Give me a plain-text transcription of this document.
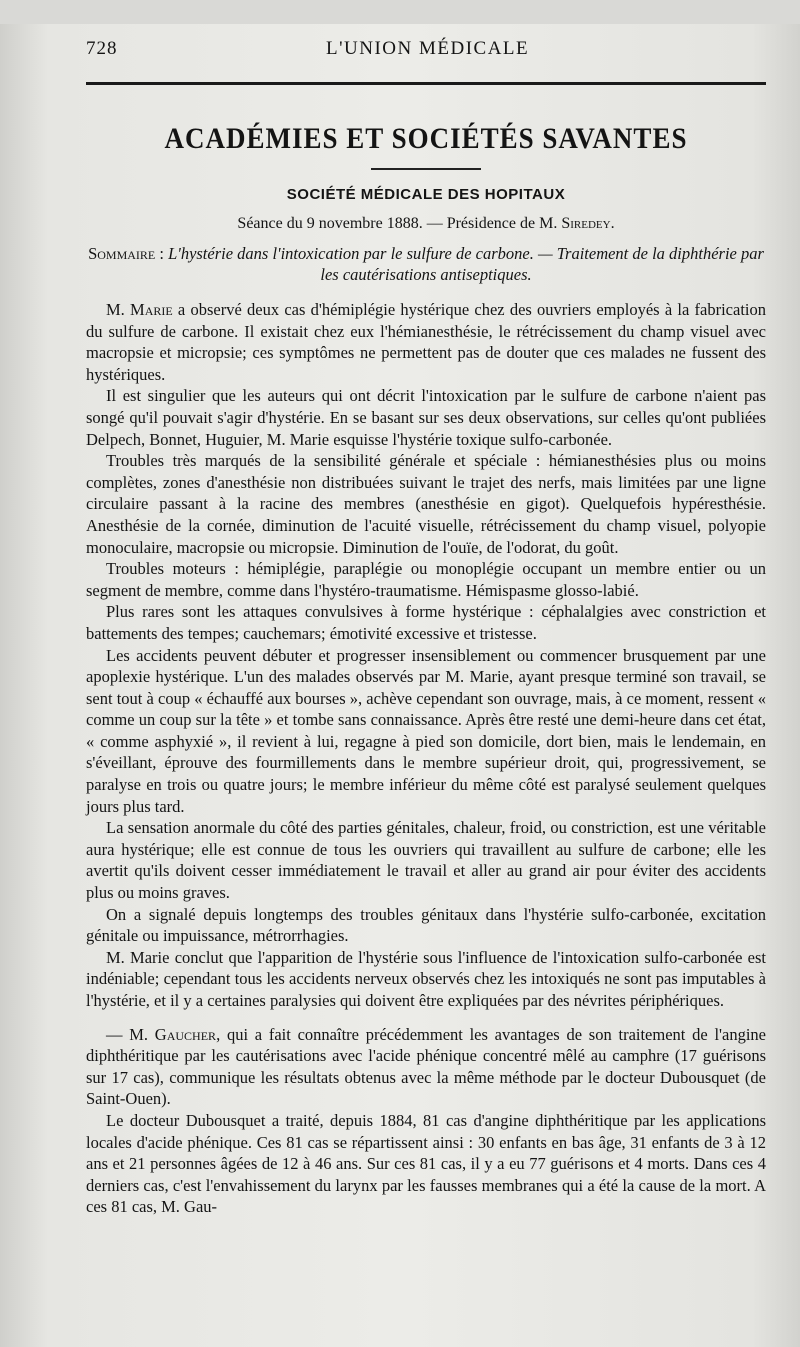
728	L'UNION MÉDICALE
ACADÉMIES ET SOCIÉTÉS SAVANTES
SOCIÉTÉ MÉDICALE DES HOPITAUX
Séance du 9 novembre 1888. — Présidence de M. Siredey.
Sommaire : L'hystérie dans l'intoxication par le sulfure de carbone. — Traitement de la diphthérie par les cautérisations antiseptiques.

M. Marie a observé deux cas d'hémiplégie hystérique chez des ouvriers employés à la fabrication du sulfure de carbone. Il existait chez eux l'hémianesthésie, le rétrécissement du champ visuel avec macropsie et micropsie; ces symptômes ne permettent pas de douter que ces malades ne fussent des hystériques.

Il est singulier que les auteurs qui ont décrit l'intoxication par le sulfure de carbone n'aient pas songé qu'il pouvait s'agir d'hystérie. En se basant sur ses deux observations, sur celles qu'ont publiées Delpech, Bonnet, Huguier, M. Marie esquisse l'hystérie toxique sulfo-carbonée.

Troubles très marqués de la sensibilité générale et spéciale : hémianesthésies plus ou moins complètes, zones d'anesthésie non distribuées suivant le trajet des nerfs, mais limitées par une ligne circulaire passant à la racine des membres (anesthésie en gigot). Quelquefois hypéresthésie. Anesthésie de la cornée, diminution de l'acuité visuelle, rétrécissement du champ visuel, polyopie monoculaire, macropsie ou micropsie. Diminution de l'ouïe, de l'odorat, du goût.

Troubles moteurs : hémiplégie, paraplégie ou monoplégie occupant un membre entier ou un segment de membre, comme dans l'hystéro-traumatisme. Hémispasme glosso-labié.

Plus rares sont les attaques convulsives à forme hystérique : céphalalgies avec constriction et battements des tempes; cauchemars; émotivité excessive et tristesse.

Les accidents peuvent débuter et progresser insensiblement ou commencer brusquement par une apoplexie hystérique. L'un des malades observés par M. Marie, ayant presque terminé son travail, se sent tout à coup « échauffé aux bourses », achève cependant son ouvrage, mais, à ce moment, ressent « comme un coup sur la tête » et tombe sans connaissance. Après être resté une demi-heure dans cet état, « comme asphyxié », il revient à lui, regagne à pied son domicile, dort bien, mais le lendemain, en s'éveillant, éprouve des fourmillements dans le membre supérieur droit, qui, progressivement, se paralyse en trois ou quatre jours; le membre inférieur du même côté est paralysé seulement quelques jours plus tard.

La sensation anormale du côté des parties génitales, chaleur, froid, ou constriction, est une véritable aura hystérique; elle est connue de tous les ouvriers qui travaillent au sulfure de carbone; elle les avertit qu'ils doivent cesser immédiatement le travail et aller au grand air pour éviter des accidents plus ou moins graves.

On a signalé depuis longtemps des troubles génitaux dans l'hystérie sulfo-carbonée, excitation génitale ou impuissance, métrorrhagies.

M. Marie conclut que l'apparition de l'hystérie sous l'influence de l'intoxication sulfo-carbonée est indéniable; cependant tous les accidents nerveux observés chez les intoxiqués ne sont pas imputables à l'hystérie, et il y a certaines paralysies qui doivent être expliquées par des névrites périphériques.

— M. Gaucher, qui a fait connaître précédemment les avantages de son traitement de l'angine diphthéritique par les cautérisations avec l'acide phénique concentré mêlé au camphre (17 guérisons sur 17 cas), communique les résultats obtenus avec la même méthode par le docteur Dubousquet (de Saint-Ouen).

Le docteur Dubousquet a traité, depuis 1884, 81 cas d'angine diphthéritique par les applications locales d'acide phénique. Ces 81 cas se répartissent ainsi : 30 enfants en bas âge, 31 enfants de 3 à 12 ans et 21 personnes âgées de 12 à 46 ans. Sur ces 81 cas, il y a eu 77 guérisons et 4 morts. Dans ces 4 derniers cas, c'est l'envahissement du larynx par les fausses membranes qui a été la cause de la mort. A ces 81 cas, M. Gau-
